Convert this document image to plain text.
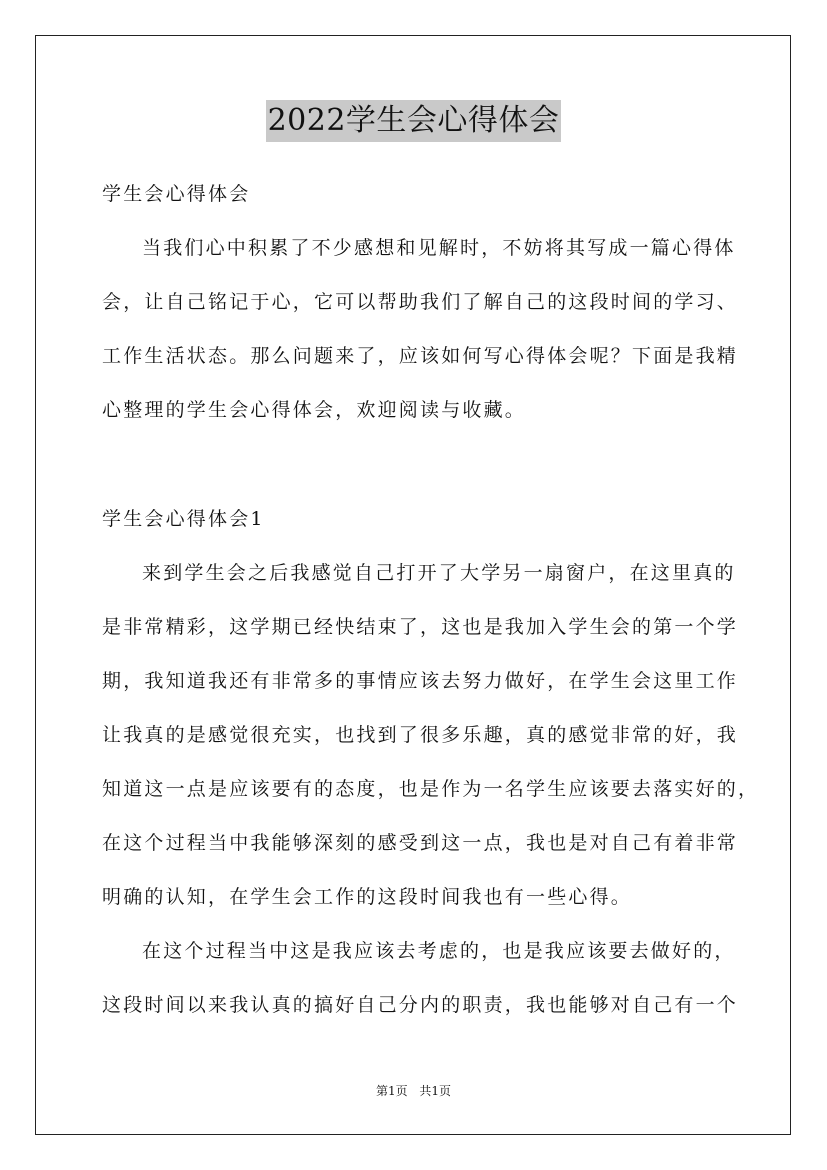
2022学生会心得体会
学生会心得体会
当我们心中积累了不少感想和见解时，不妨将其写成一篇心得体
会，让自己铭记于心，它可以帮助我们了解自己的这段时间的学习、
工作生活状态。那么问题来了，应该如何写心得体会呢？下面是我精
心整理的学生会心得体会，欢迎阅读与收藏。
学生会心得体会1
来到学生会之后我感觉自己打开了大学另一扇窗户，在这里真的
是非常精彩，这学期已经快结束了，这也是我加入学生会的第一个学
期，我知道我还有非常多的事情应该去努力做好，在学生会这里工作
让我真的是感觉很充实，也找到了很多乐趣，真的感觉非常的好，我
知道这一点是应该要有的态度，也是作为一名学生应该要去落实好的，
在这个过程当中我能够深刻的感受到这一点，我也是对自己有着非常
明确的认知，在学生会工作的这段时间我也有一些心得。
在这个过程当中这是我应该去考虑的，也是我应该要去做好的，
这段时间以来我认真的搞好自己分内的职责，我也能够对自己有一个
第1页 共1页
